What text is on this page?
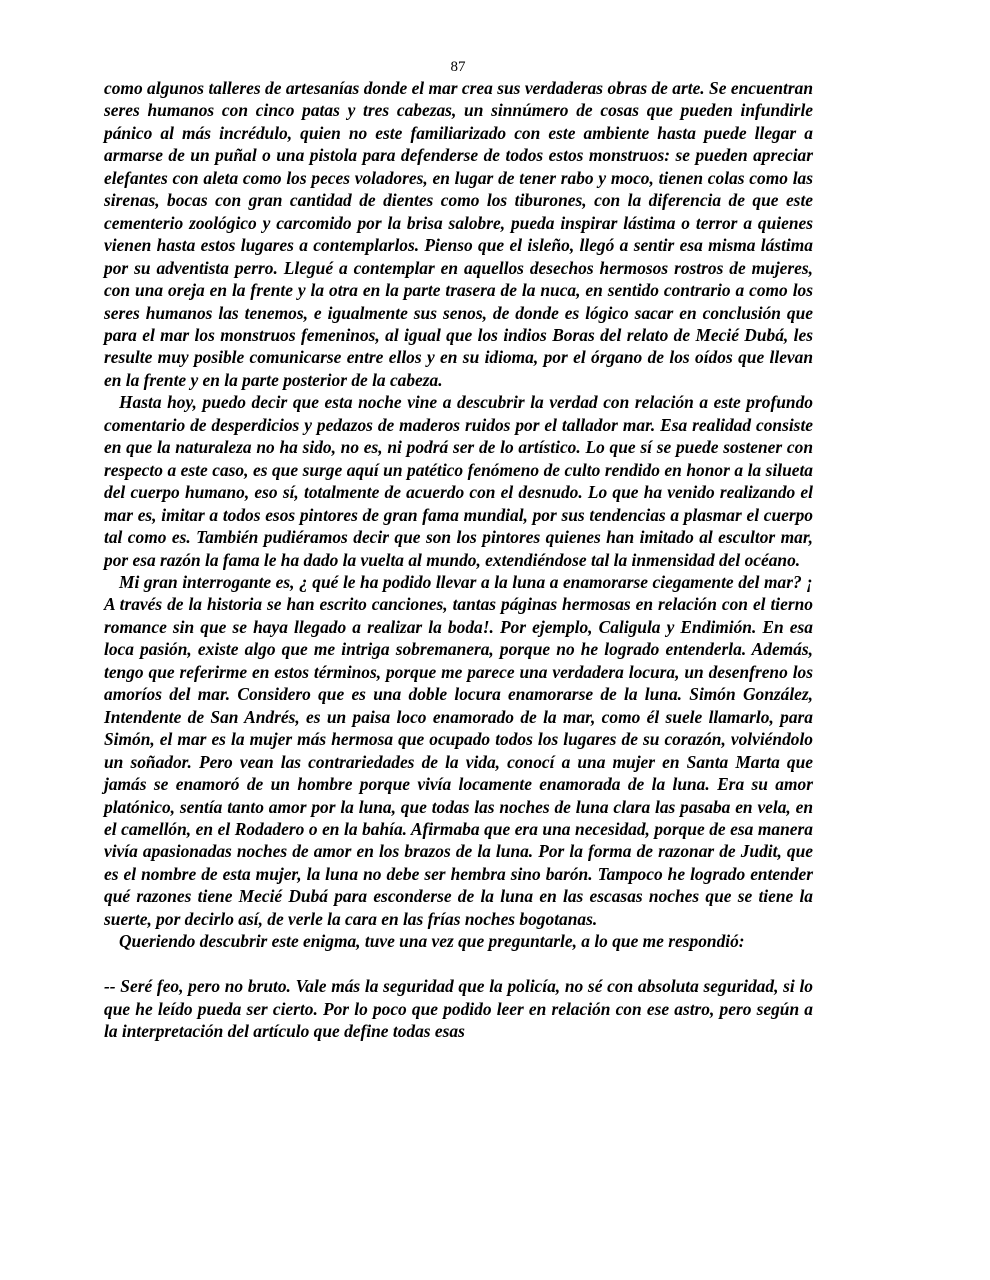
87

como algunos talleres de artesanías donde el mar crea sus verdaderas obras de arte. Se encuentran seres humanos con cinco patas y tres cabezas, un sinnúmero de cosas que pueden infundirle pánico al más incrédulo, quien no este familiarizado con este ambiente hasta puede llegar a armarse de un puñal o una pistola para defenderse de todos estos monstruos: se pueden apreciar elefantes con aleta como los peces voladores, en lugar de tener rabo y moco, tienen colas como las sirenas, bocas con gran cantidad de dientes como los tiburones, con la diferencia de que este cementerio zoológico y carcomido por la brisa salobre, pueda inspirar lástima o terror a quienes vienen hasta estos lugares a contemplarlos. Pienso que el isleño, llegó a sentir esa misma lástima por su adventista perro. Llegué a contemplar en aquellos desechos hermosos rostros de mujeres, con una oreja en la frente y la otra en la parte trasera de la nuca, en sentido contrario a como los seres humanos las tenemos, e igualmente sus senos, de donde es lógico sacar en conclusión que para el mar los monstruos femeninos, al igual que los indios Boras del relato de Mecié Dubá, les resulte muy posible comunicarse entre ellos y en su idioma, por el órgano de los oídos que llevan en la frente y en la parte posterior de la cabeza.

Hasta hoy, puedo decir que esta noche vine a descubrir la verdad con relación a este profundo comentario de desperdicios y pedazos de maderos ruidos por el tallador mar. Esa realidad consiste en que la naturaleza no ha sido, no es, ni podrá ser de lo artístico. Lo que sí se puede sostener con respecto a este caso, es que surge aquí un patético fenómeno de culto rendido en honor a la silueta del cuerpo humano, eso sí, totalmente de acuerdo con el desnudo. Lo que ha venido realizando el mar es, imitar a todos esos pintores de gran fama mundial, por sus tendencias a plasmar el cuerpo tal como es. También pudiéramos decir que son los pintores quienes han imitado al escultor mar, por esa razón la fama le ha dado la vuelta al mundo, extendiéndose tal la inmensidad del océano.

Mi gran interrogante es, ¿ qué le ha podido llevar a la luna a enamorarse ciegamente del mar? ¡ A través de la historia se han escrito canciones, tantas páginas hermosas en relación con el tierno romance sin que se haya llegado a realizar la boda!. Por ejemplo, Caligula y Endimión. En esa loca pasión, existe algo que me intriga sobremanera, porque no he logrado entenderla. Además, tengo que referirme en estos términos, porque me parece una verdadera locura, un desenfreno los amoríos del mar. Considero que es una doble locura enamorarse de la luna. Simón González, Intendente de San Andrés, es un paisa loco enamorado de la mar, como él suele llamarlo, para Simón, el mar es la mujer más hermosa que ocupado todos los lugares de su corazón, volviéndolo un soñador. Pero vean las contrariedades de la vida, conocí a una mujer en Santa Marta que jamás se enamoró de un hombre porque vivía locamente enamorada de la luna. Era su amor platónico, sentía tanto amor por la luna, que todas las noches de luna clara las pasaba en vela, en el camellón, en el Rodadero o en la bahía. Afirmaba que era una necesidad, porque de esa manera vivía apasionadas noches de amor en los brazos de la luna. Por la forma de razonar de Judit, que es el nombre de esta mujer, la luna no debe ser hembra sino barón. Tampoco he logrado entender qué razones tiene Mecié Dubá para esconderse de la luna en las escasas noches que se tiene la suerte, por decirlo así, de verle la cara en las frías noches bogotanas.

Queriendo descubrir este enigma, tuve una vez que preguntarle, a lo que me respondió:

-- Seré feo, pero no bruto. Vale más la seguridad que la policía, no sé con absoluta seguridad, si lo que he leído pueda ser cierto. Por lo poco que podido leer en relación con ese astro, pero según a la interpretación del artículo que define todas esas
